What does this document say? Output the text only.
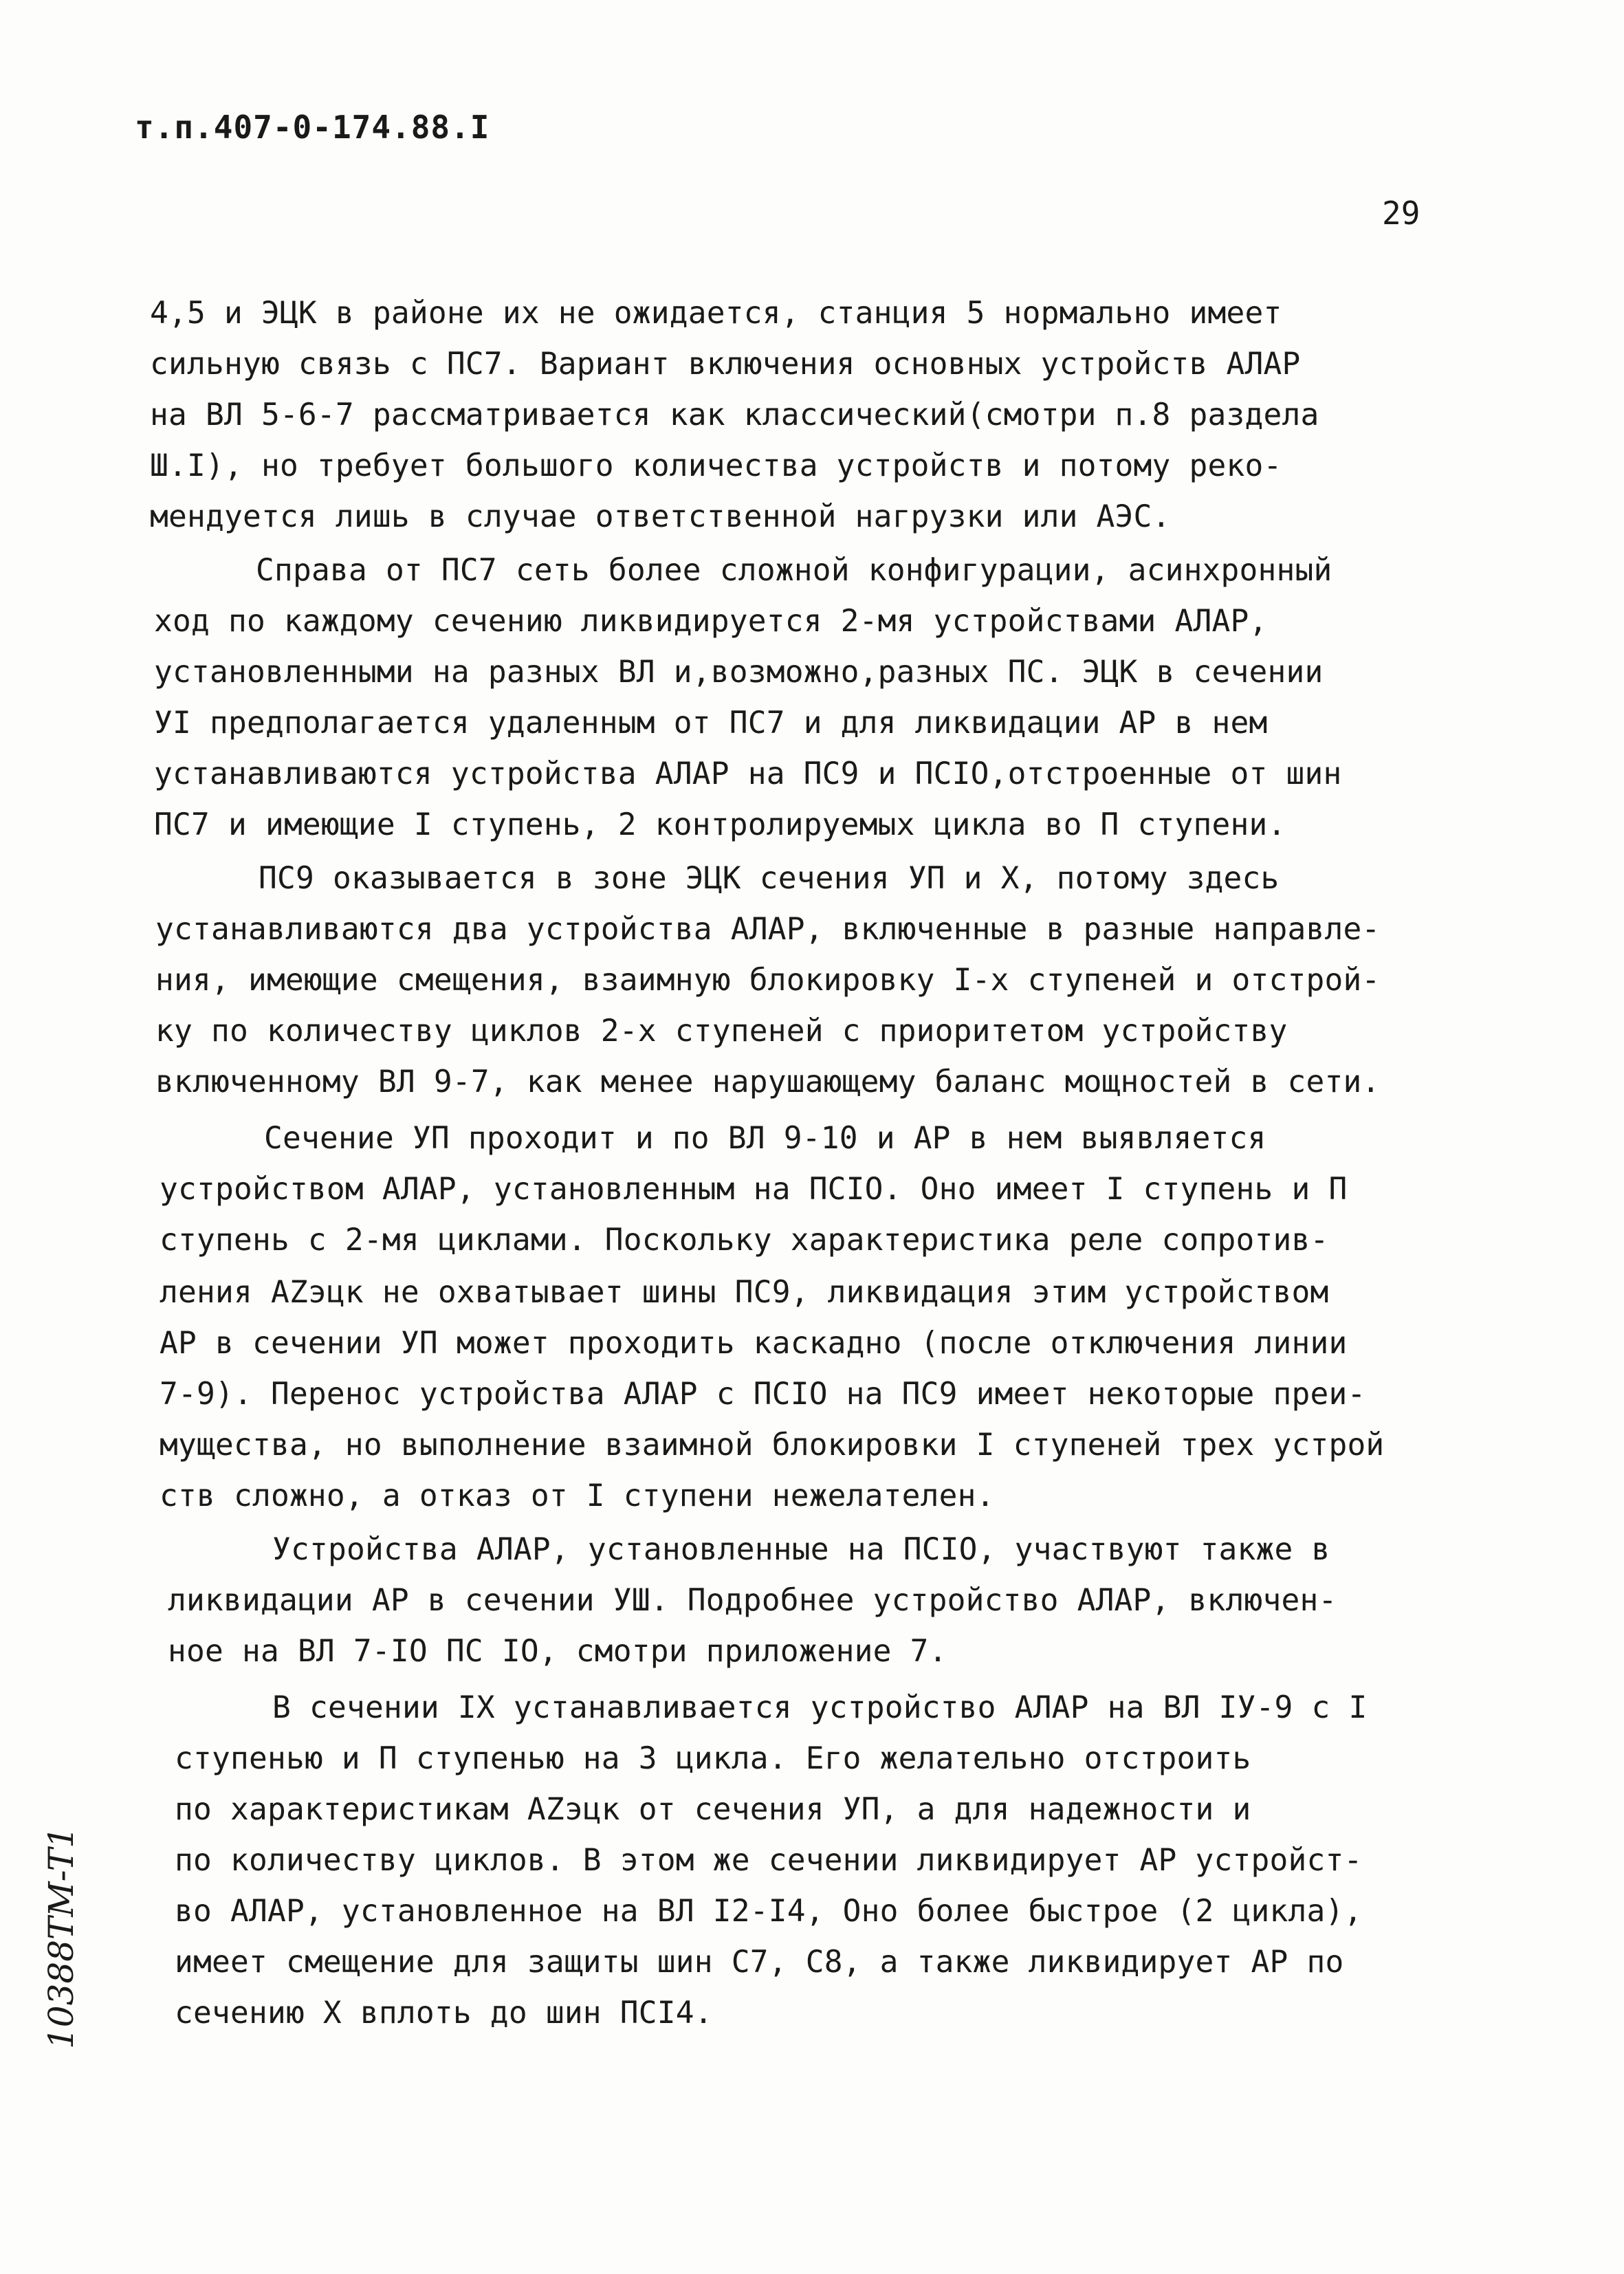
т.п.407-0-174.88.I
29
4,5 и ЭЦК в районе их не ожидается, станция 5 нормально имеет
сильную связь с ПС7. Вариант включения основных устройств АЛАР
на ВЛ 5-6-7 рассматривается как классический(смотри п.8 раздела
Ш.I), но требует большого количества устройств и потому реко-
мендуется лишь в случае ответственной нагрузки или АЭС.
Справа от ПС7 сеть более сложной конфигурации, асинхронный
ход по каждому сечению ликвидируется 2-мя устройствами АЛАР,
установленными на разных ВЛ и,возможно,разных ПС. ЭЦК в сечении
УI предполагается удаленным от ПС7 и для ликвидации АР в нем
устанавливаются устройства АЛАР на ПС9 и ПСIО,отстроенные от шин
ПС7 и имеющие I ступень, 2 контролируемых цикла во П ступени.
ПС9 оказывается в зоне ЭЦК сечения УП и Х, потому здесь
устанавливаются два устройства АЛАР, включенные в разные направле-
ния, имеющие смещения, взаимную блокировку I-х ступеней и отстрой-
ку по количеству циклов 2-х ступеней с приоритетом устройству
включенному ВЛ 9-7, как менее нарушающему баланс мощностей в сети.
Сечение УП проходит и по ВЛ 9-10 и АР в нем выявляется
устройством АЛАР, установленным на ПСIО. Оно имеет I ступень и П
ступень с 2-мя циклами. Поскольку характеристика реле сопротив-
ления AZэцк не охватывает шины ПС9, ликвидация этим устройством
АР в сечении УП может проходить каскадно (после отключения линии
7-9). Перенос устройства АЛАР с ПСIО на ПС9 имеет некоторые преи-
мущества, но выполнение взаимной блокировки I ступеней трех устрой
ств сложно, а отказ от I ступени нежелателен.
Устройства АЛАР, установленные на ПСIО, участвуют также в
ликвидации АР в сечении УШ. Подробнее устройство АЛАР, включен-
ное на ВЛ 7-IО ПС IО, смотри приложение 7.
В сечении IX устанавливается устройство АЛАР на ВЛ IУ-9 с I
ступенью и П ступенью на 3 цикла. Его желательно отстроить
по характеристикам AZэцк от сечения УП, а для надежности и
по количеству циклов. В этом же сечении ликвидирует АР устройст-
во АЛАР, установленное на ВЛ I2-I4, Оно более быстрое (2 цикла),
имеет смещение для защиты шин С7, С8, а также ликвидирует АР по
сечению Х вплоть до шин ПСI4.
10388TM-T1
